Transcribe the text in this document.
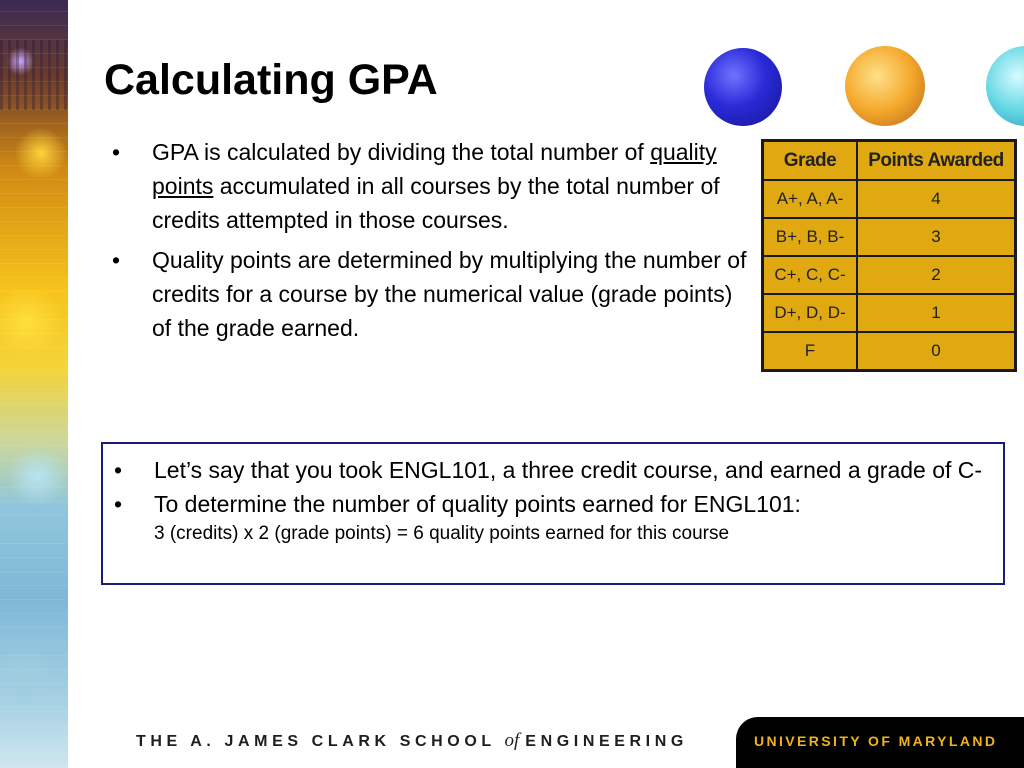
Calculating GPA
• GPA is calculated by dividing the total number of quality points accumulated in all courses by the total number of credits attempted in those courses.
• Quality points are determined by multiplying the number of credits for a course by the numerical value (grade points) of the grade earned.
Grade	Points Awarded
A+, A, A-	4
B+, B, B-	3
C+, C, C-	2
D+, D, D-	1
F	0
• Let’s say that you took ENGL101, a three credit course, and earned a grade of C-
• To determine the number of quality points earned for ENGL101:
3 (credits) x 2 (grade points) = 6 quality points earned for this course
THE A. JAMES CLARK SCHOOL of ENGINEERING	UNIVERSITY OF MARYLAND
